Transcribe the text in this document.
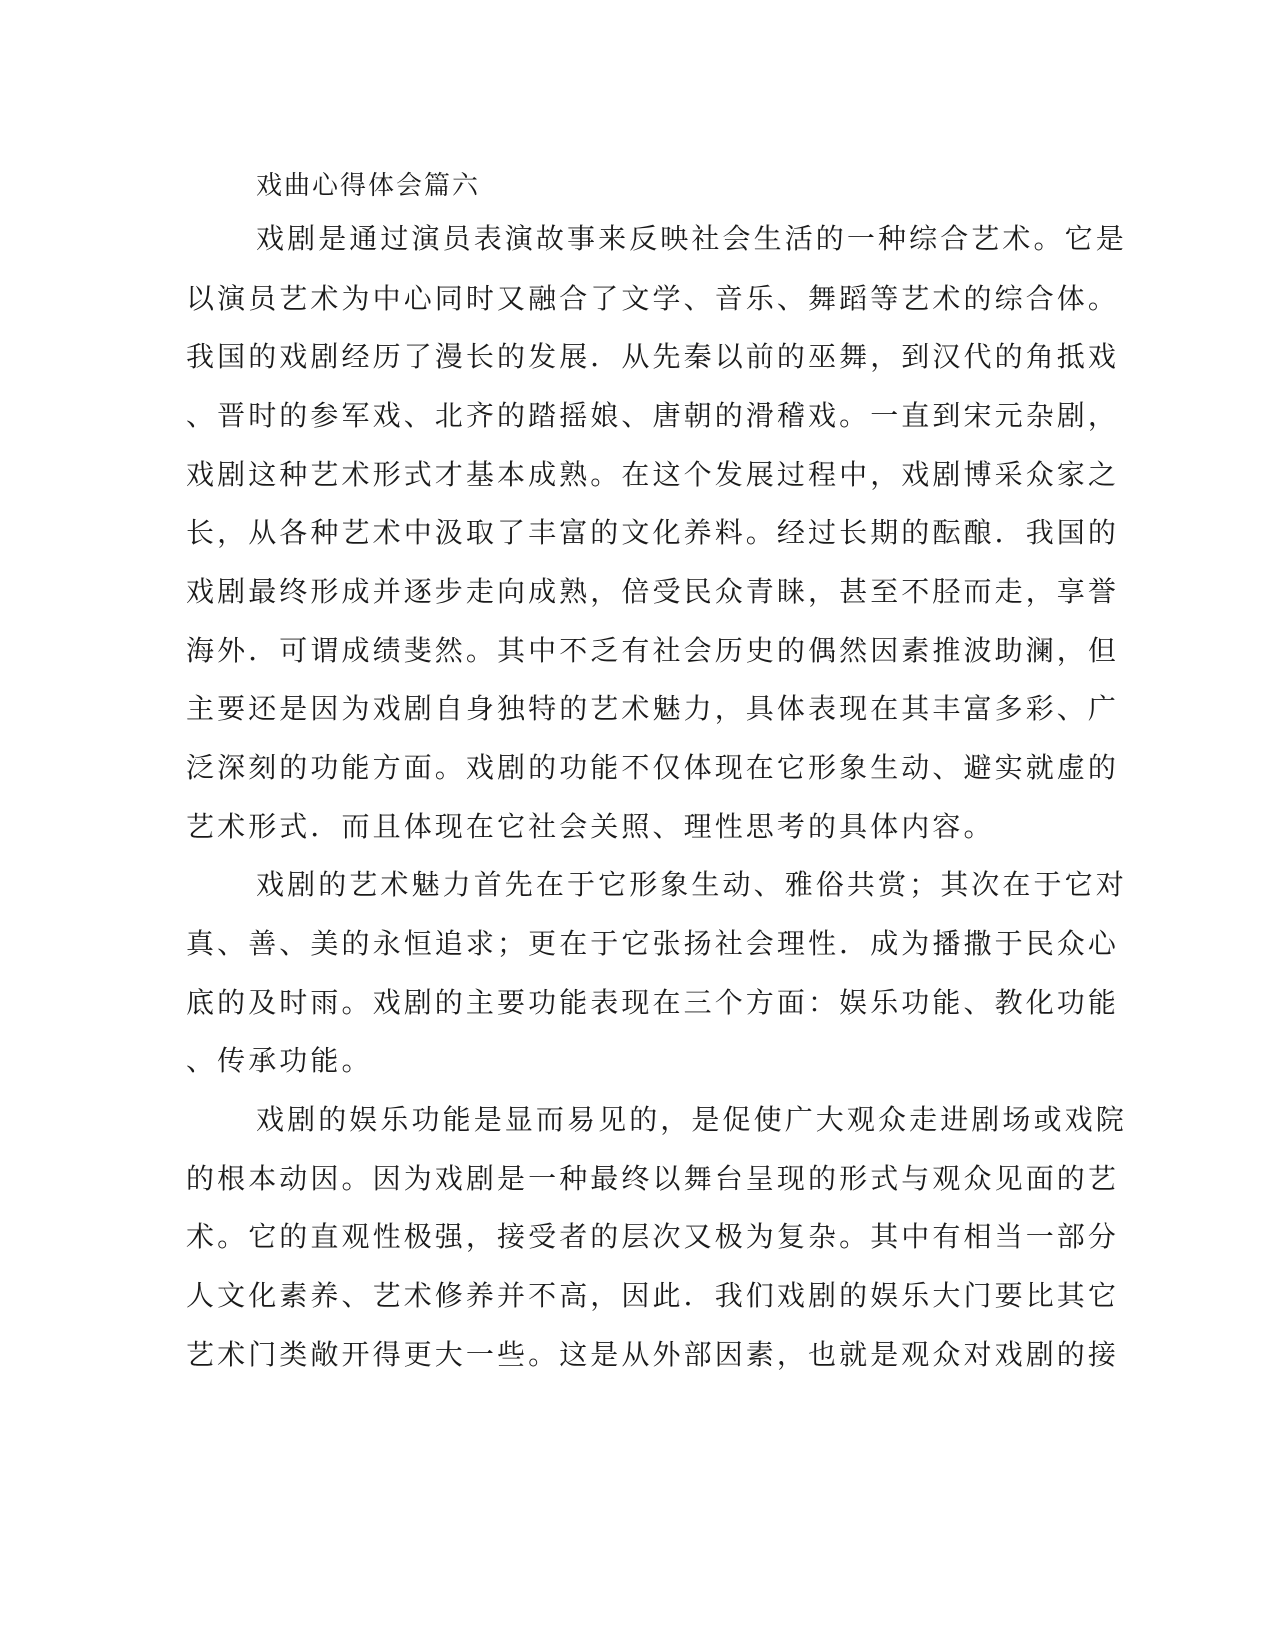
戏曲心得体会篇六
戏剧是通过演员表演故事来反映社会生活的一种综合艺术。它是
以演员艺术为中心同时又融合了文学、音乐、舞蹈等艺术的综合体。
我国的戏剧经历了漫长的发展．从先秦以前的巫舞，到汉代的角抵戏
、晋时的参军戏、北齐的踏摇娘、唐朝的滑稽戏。一直到宋元杂剧，
戏剧这种艺术形式才基本成熟。在这个发展过程中，戏剧博采众家之
长，从各种艺术中汲取了丰富的文化养料。经过长期的酝酿．我国的
戏剧最终形成并逐步走向成熟，倍受民众青睐，甚至不胫而走，享誉
海外．可谓成绩斐然。其中不乏有社会历史的偶然因素推波助澜，但
主要还是因为戏剧自身独特的艺术魅力，具体表现在其丰富多彩、广
泛深刻的功能方面。戏剧的功能不仅体现在它形象生动、避实就虚的
艺术形式．而且体现在它社会关照、理性思考的具体内容。
戏剧的艺术魅力首先在于它形象生动、雅俗共赏；其次在于它对
真、善、美的永恒追求；更在于它张扬社会理性．成为播撒于民众心
底的及时雨。戏剧的主要功能表现在三个方面：娱乐功能、教化功能
、传承功能。
戏剧的娱乐功能是显而易见的，是促使广大观众走进剧场或戏院
的根本动因。因为戏剧是一种最终以舞台呈现的形式与观众见面的艺
术。它的直观性极强，接受者的层次又极为复杂。其中有相当一部分
人文化素养、艺术修养并不高，因此．我们戏剧的娱乐大门要比其它
艺术门类敞开得更大一些。这是从外部因素，也就是观众对戏剧的接
